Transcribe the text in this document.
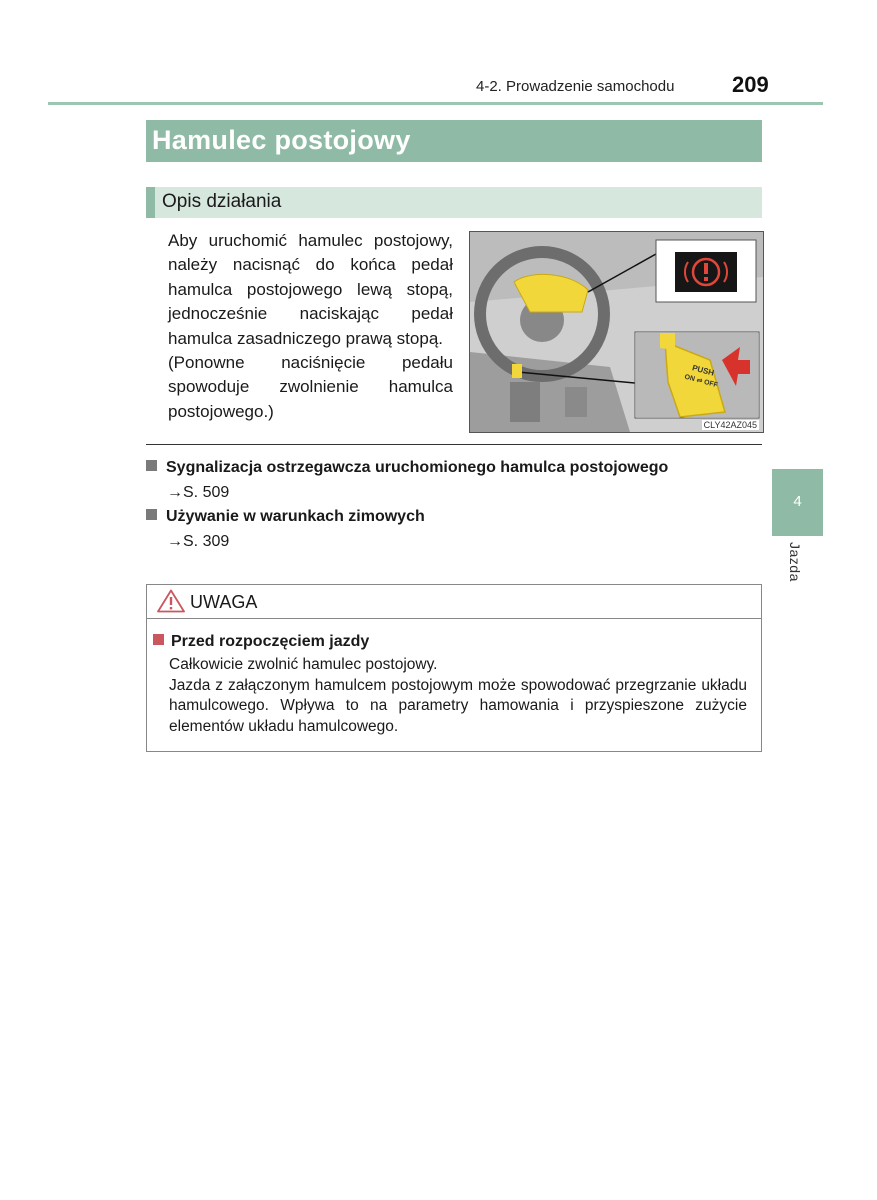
4-2. Prowadzenie samochodu	209
Hamulec postojowy
Opis działania

Aby uruchomić hamulec postojowy, należy nacisnąć do końca pedał hamulca postojowego lewą stopą, jednocześnie naciskając pedał hamulca zasadniczego prawą stopą.

(Ponowne naciśnięcie pedału spowoduje zwolnienie hamulca postojowego.)

CLY42AZ045
PUSH
ON ⇌ OFF
Sygnalizacja ostrzegawcza uruchomionego hamulca postojowego
→S. 509
Używanie w warunkach zimowych
→S. 309
4
Jazda
UWAGA
Przed rozpoczęciem jazdy

Całkowicie zwolnić hamulec postojowy.

Jazda z załączonym hamulcem postojowym może spowodować przegrzanie układu hamulcowego. Wpływa to na parametry hamowania i przyspieszone zużycie elementów układu hamulcowego.
